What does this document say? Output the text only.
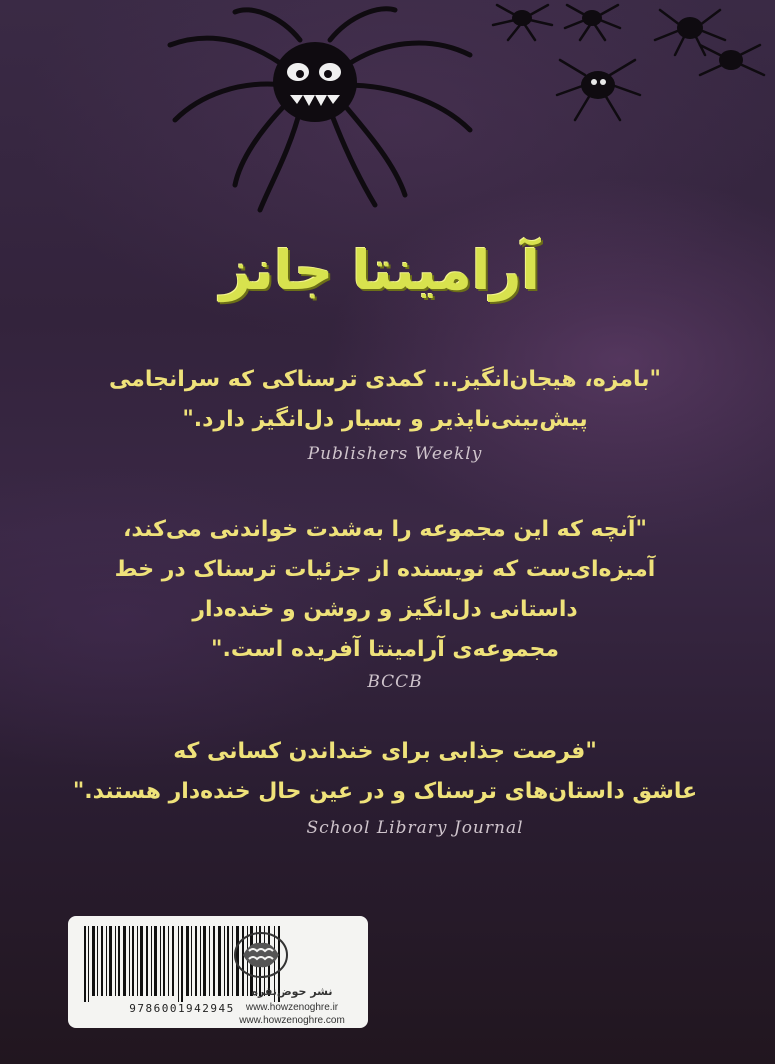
آرامینتا جانز

"بامزه، هیجان‌انگیز... کمدی ترسناکی که سرانجامی

پیش‌بینی‌ناپذیر و بسیار دل‌انگیز دارد."

Publishers Weekly

"آنچه که این مجموعه را به‌شدت خواندنی می‌کند،

آمیزه‌ای‌ست که نویسنده از جزئیات ترسناک در خط

داستانی دل‌انگیز و روشن و خنده‌دار

مجموعه‌ی آرامینتا آفریده است."

BCCB

"فرصت جذابی برای خنداندن کسانی که

عاشق داستان‌های ترسناک و در عین حال خنده‌دار هستند."

School Library Journal
9786001942945
نشر حوض‌نقره
www.howzenoghre.ir
www.howzenoghre.com
